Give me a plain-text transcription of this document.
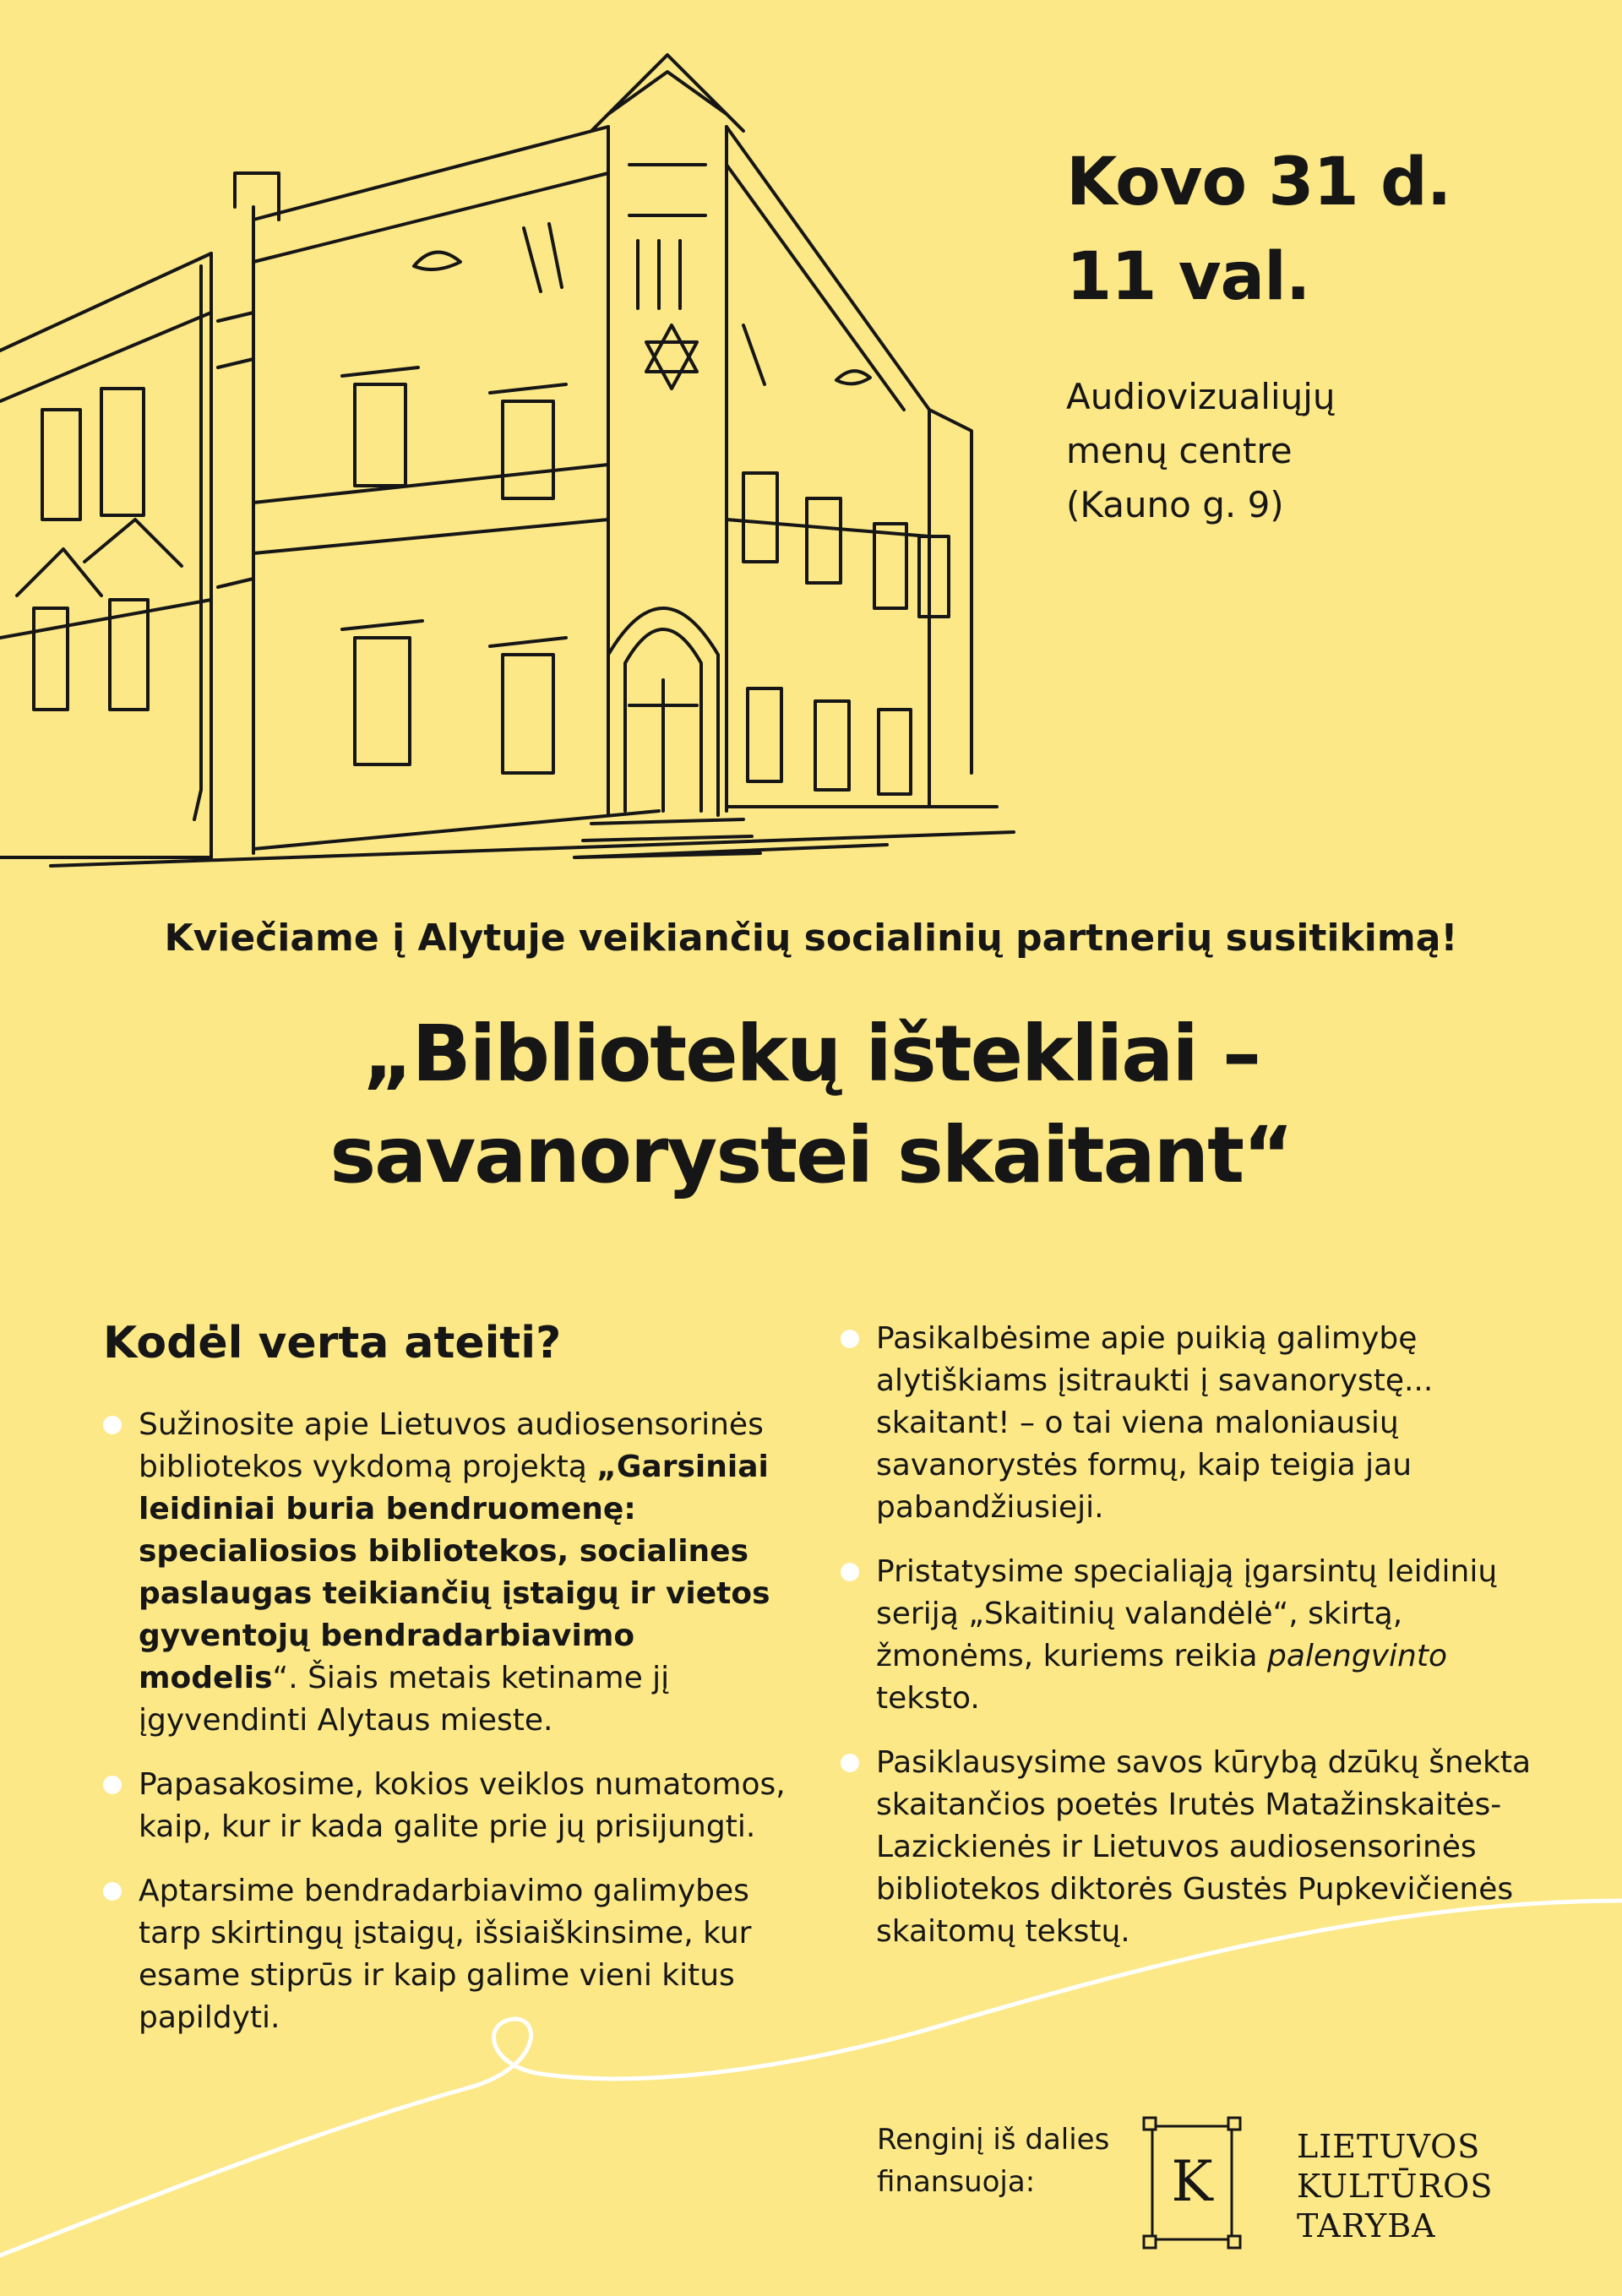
Kovo 31 d.
11 val.
Audiovizualiųjų
menų centre
(Kauno g. 9)
Kviečiame į Alytuje veikiančių socialinių partnerių susitikimą!
„Bibliotekų ištekliai –
savanorystei skaitant“
Kodėl verta ateiti?
Sužinosite apie Lietuvos audiosensorinės bibliotekos vykdomą projektą „Garsiniai leidiniai buria bendruomenę: specialiosios bibliotekos, socialines paslaugas teikiančių įstaigų ir vietos gyventojų bendradarbiavimo modelis“. Šiais metais ketiname jį įgyvendinti Alytaus mieste.
Papasakosime, kokios veiklos numatomos, kaip, kur ir kada galite prie jų prisijungti.
Aptarsime bendradarbiavimo galimybes tarp skirtingų įstaigų, išsiaiškinsime, kur esame stiprūs ir kaip galime vieni kitus papildyti.
Pasikalbėsime apie puikią galimybę alytiškiams įsitraukti į savanorystę... skaitant! – o tai viena maloniausių savanorystės formų, kaip teigia jau pabandžiusieji.
Pristatysime specialiąją įgarsintų leidinių seriją „Skaitinių valandėlė“, skirtą, žmonėms, kuriems reikia palengvinto teksto.
Pasiklausysime savos kūrybą dzūkų šnekta skaitančios poetės Irutės Matažinskaitės-Lazickienės ir Lietuvos audiosensorinės bibliotekos diktorės Gustės Pupkevičienės skaitomų tekstų.
Renginį iš dalies
finansuoja:	K
LIETUVOS
KULTŪROS
TARYBA
